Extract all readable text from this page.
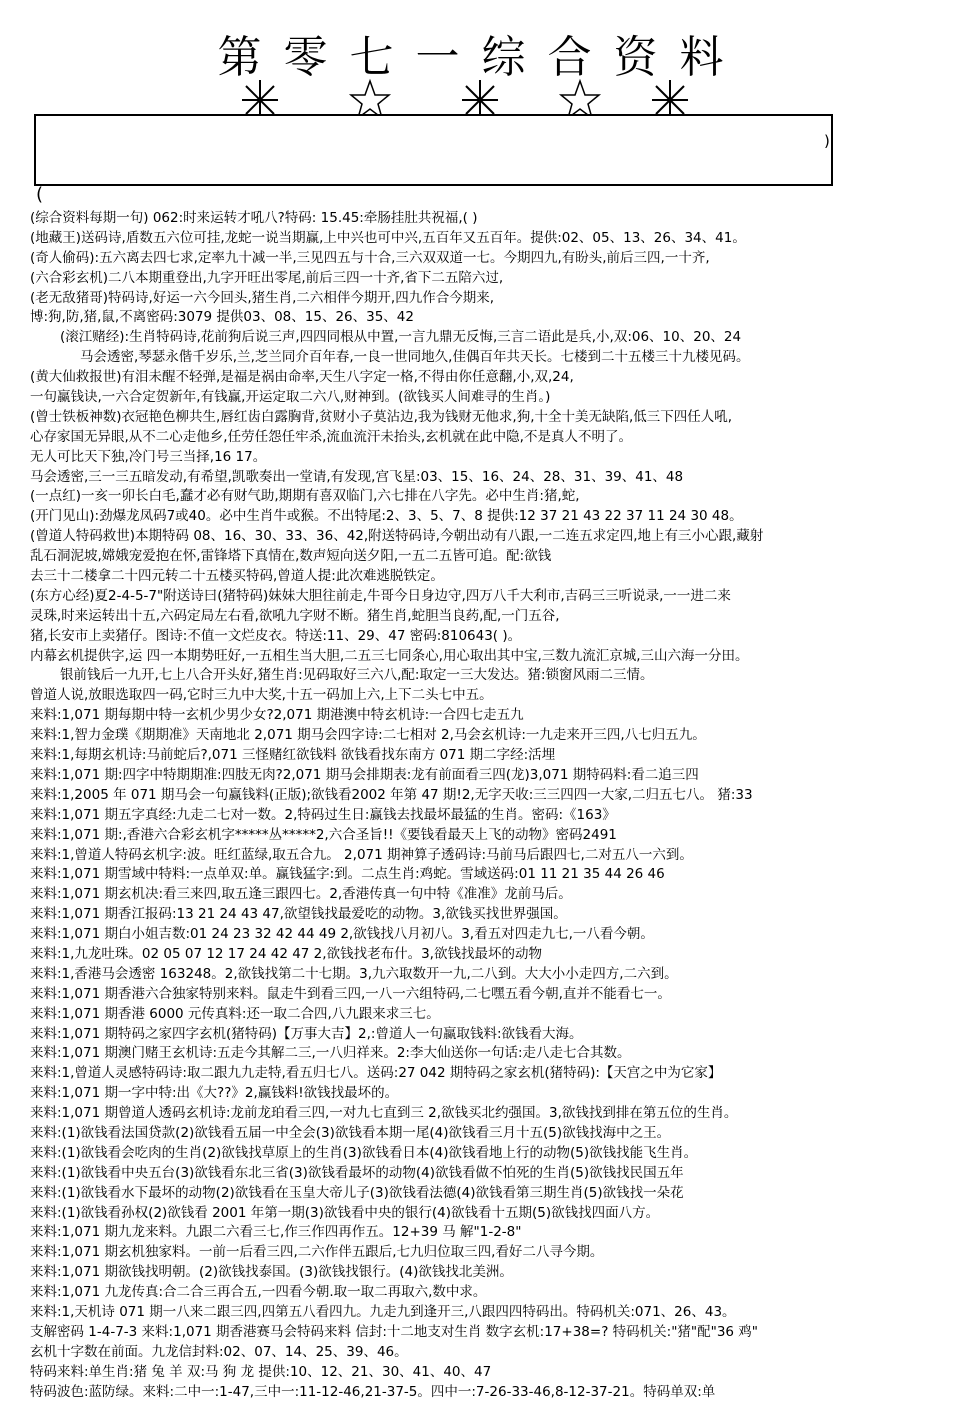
第零七一综合资料
)
(
(综合资料每期一句) 062:时来运转才吼八?特码: 15.45:牵肠挂肚共祝福,( )
(地藏王)送码诗,盾数五六位可挂,龙蛇一说当期赢,上中兴也可中兴,五百年又五百年。提供:02、05、13、26、34、41。
(奇人偷码):五六离去四七求,定率九十减一半,三见四五与十合,三六双双道一七。今期四九,有盼头,前后三四,一十齐,
(六合彩玄机)二八本期重登出,九字开旺出零尾,前后三四一十齐,省下二五陪六过,
(老无敌猪哥)特码诗,好运一六今回头,猪生肖,二六相伴今期开,四九作合今期来,
博:狗,防,猪,鼠,不离密码:3079 提供03、08、15、26、35、42
(滚江赌经):生肖特码诗,花前狗后说三声,四四同根从中置,一言九鼎无反悔,三言二语此是兵,小,双:06、10、20、24
马会透密,琴瑟永偕千岁乐,兰,芝兰同介百年春,一良一世同地久,佳偶百年共天长。七楼到二十五楼三十九楼见码。
(黄大仙救报世)有泪未醒不轻弹,是福是祸由命率,天生八字定一格,不得由你任意翻,小,双,24,
一句赢钱诀,一六合定贺新年,有钱赢,开运定取二六八,财神到。(欲钱买人间难寻的生肖。)
(曾士铁板神数)衣冠艳色柳共生,唇红齿白露胸背,贫财小子莫沾边,我为钱财无他求,狗,十全十美无缺陷,低三下四任人吼,
心存家国无异眼,从不二心走他乡,任劳任怨任牢杀,流血流汗未抬头,玄机就在此中隐,不是真人不明了。
无人可比天下独,冷门号三当择,16 17。
马会透密,三一三五暗发动,有希望,凯歌奏出一堂请,有发现,宫飞星:03、15、16、24、28、31、39、41、48
(一点红)一亥一卯长白毛,蠢才必有财气助,期期有喜双临门,六七排在八字先。必中生肖:猪,蛇,
(开门见山):劲爆龙凤码7或40。必中生肖牛或猴。不出特尾:2、3、5、7、8 提供:12 37 21 43 22 37 11 24 30 48。
(曾道人特码救世)本期特码 08、16、30、33、36、42,附送特码诗,今朝出动有八跟,一二连五求定四,地上有三小心跟,藏射
乱石洞泥坡,嫦娥宠爱抱在怀,雷锋塔下真情在,数声短向送夕阳,一五二五皆可追。配:欲钱
去三十二楼拿二十四元转二十五楼买特码,曾道人提:此次难逃脱铁定。
(东方心经)夏2-4-5-7"附送诗曰(猪特码)妹妹大胆往前走,牛哥今日身边守,四万八千大利市,吉码三三听说录,一一进二来
灵珠,时来运转出十五,六码定局左右看,欲吼九字财不断。猪生肖,蛇胆当良药,配,一门五谷,
猪,长安市上卖猪仔。图诗:不值一文烂皮衣。特送:11、29、47 密码:810643( )。
内幕玄机提供字,运 四一本期势旺好,一五相生当大胆,二五三七同条心,用心取出其中宝,三数九流汇京城,三山六海一分田。
银前钱后一九开,七上八合开头好,猪生肖:见码取好三六八,配:取定一三大发达。猪:锁窗风雨二三情。
曾道人说,放眼选取四一码,它时三九中大奖,十五一码加上六,上下二头七中五。
来料:1,071 期每期中特一玄机少男少女?2,071 期港澳中特玄机诗:一合四七走五九
来料:1,智力金璞《期期准》天南地北 2,071 期马会四字诗:二七相对 2,马会玄机诗:一九走来开三四,八七归五九。
来料:1,每期玄机诗:马前蛇后?,071 三怪赌红欲钱料 欲钱看找东南方 071 期二字经:活埋
来料:1,071 期:四字中特期期准:四肢无肉?2,071 期马会排期表:龙有前面看三四(龙)3,071 期特码料:看二追三四
来料:1,2005 年 071 期马会一句赢钱料(正版);欲钱看2002 年第 47 期!2,无字天收:三三四四一大家,二归五七八。 猪:33
来料:1,071 期五字真经:九走二七对一数。2,特码过生日:赢钱去找最坏最猛的生肖。密码:《163》
来料:1,071 期:,香港六合彩玄机字*****丛*****2,六合圣旨!!《要钱看最天上飞的动物》密码2491
来料:1,曾道人特码玄机字:波。旺红蓝绿,取五合九。 2,071 期神算子透码诗:马前马后跟四七,二对五八一六到。
来料:1,071 期雪域中特料:一点单双:单。赢钱猛字:到。二点生肖:鸡蛇。雪域送码:01 11 21 35 44 26 46
来料:1,071 期玄机决:看三来四,取五逢三跟四七。2,香港传真一句中特《准准》龙前马后。
来料:1,071 期香江报码:13 21 24 43 47,欲望钱找最爱吃的动物。3,欲钱买找世界强国。
来料:1,071 期白小姐吉数:01 24 23 32 42 44 49 2,欲钱找八月初八。3,看五对四走九七,一八看今朝。
来料:1,九龙吐珠。02 05 07 12 17 24 42 47 2,欲钱找老布什。3,欲钱找最坏的动物
来料:1,香港马会透密 163248。2,欲钱找第二十七期。3,九六取数开一九,二八到。大大小小走四方,二六到。
来料:1,071 期香港六合独家特别来料。鼠走牛到看三四,一八一六组特码,二七嘿五看今朝,直并不能看七一。
来料:1,071 期香港 6000 元传真料:还一取二合四,八九跟来求三七。
来料:1,071 期特码之家四字玄机(猪特码)【万事大吉】2,:曾道人一句赢取钱料:欲钱看大海。
来料:1,071 期澳门赌王玄机诗:五走今其解二三,一八归祥来。2:李大仙送你一句话:走八走七合其数。
来料:1,曾道人灵感特码诗:取二跟九九走特,看五归七八。送码:27 042 期特码之家玄机(猪特码):【天宫之中为它家】
来料:1,071 期一字中特:出《大??》2,赢钱料!欲钱找最坏的。
来料:1,071 期曾道人透码玄机诗:龙前龙珀看三四,一对九七直到三 2,欲钱买北约强国。3,欲钱找到排在第五位的生肖。
来料:(1)欲钱看法国贷款(2)欲钱看五届一中全会(3)欲钱看本期一尾(4)欲钱看三月十五(5)欲钱找海中之王。
来料:(1)欲钱看会吃肉的生肖(2)欲钱找草原上的生肖(3)欲钱看日本(4)欲钱看地上行的动物(5)欲钱找能飞生肖。
来料:(1)欲钱看中央五台(3)欲钱看东北三省(3)欲钱看最坏的动物(4)欲钱看做不怕死的生肖(5)欲钱找民国五年
来料:(1)欲钱看水下最坏的动物(2)欲钱看在玉皇大帝儿子(3)欲钱看法德(4)欲钱看第三期生肖(5)欲钱找一朵花
来料:(1)欲钱看孙权(2)欲钱看 2001 年第一期(3)欲钱看中央的银行(4)欲钱看十五期(5)欲钱找四面八方。
来料:1,071 期九龙来料。九跟二六看三七,作三作四再作五。12+39 马 解"1-2-8"
来料:1,071 期玄机独家料。一前一后看三四,二六作伴五跟后,七九归位取三四,看好二八寻今期。
来料:1,071 期欲钱找明朝。(2)欲钱找泰国。(3)欲钱找银行。(4)欲钱找北美洲。
来料:1,071 九龙传真:合二合三再合五,一四看今朝.取一取二再取六,数中求。
来料:1,天机诗 071 期一八来二跟三四,四第五八看四九。九走九到逢开三,八跟四四特码出。特码机关:071、26、43。
支解密码 1-4-7-3 来料:1,071 期香港赛马会特码来料 信封:十二地支对生肖 数字玄机:17+38=? 特码机关:"猪"配"36 鸡"
玄机十字数在前面。九龙信封料:02、07、14、25、39、46。
特码来料:单生肖:猪 兔 羊 双:马 狗 龙 提供:10、12、21、30、41、40、47
特码波色:蓝防绿。来料:二中一:1-47,三中一:11-12-46,21-37-5。四中一:7-26-33-46,8-12-37-21。特码单双:单
